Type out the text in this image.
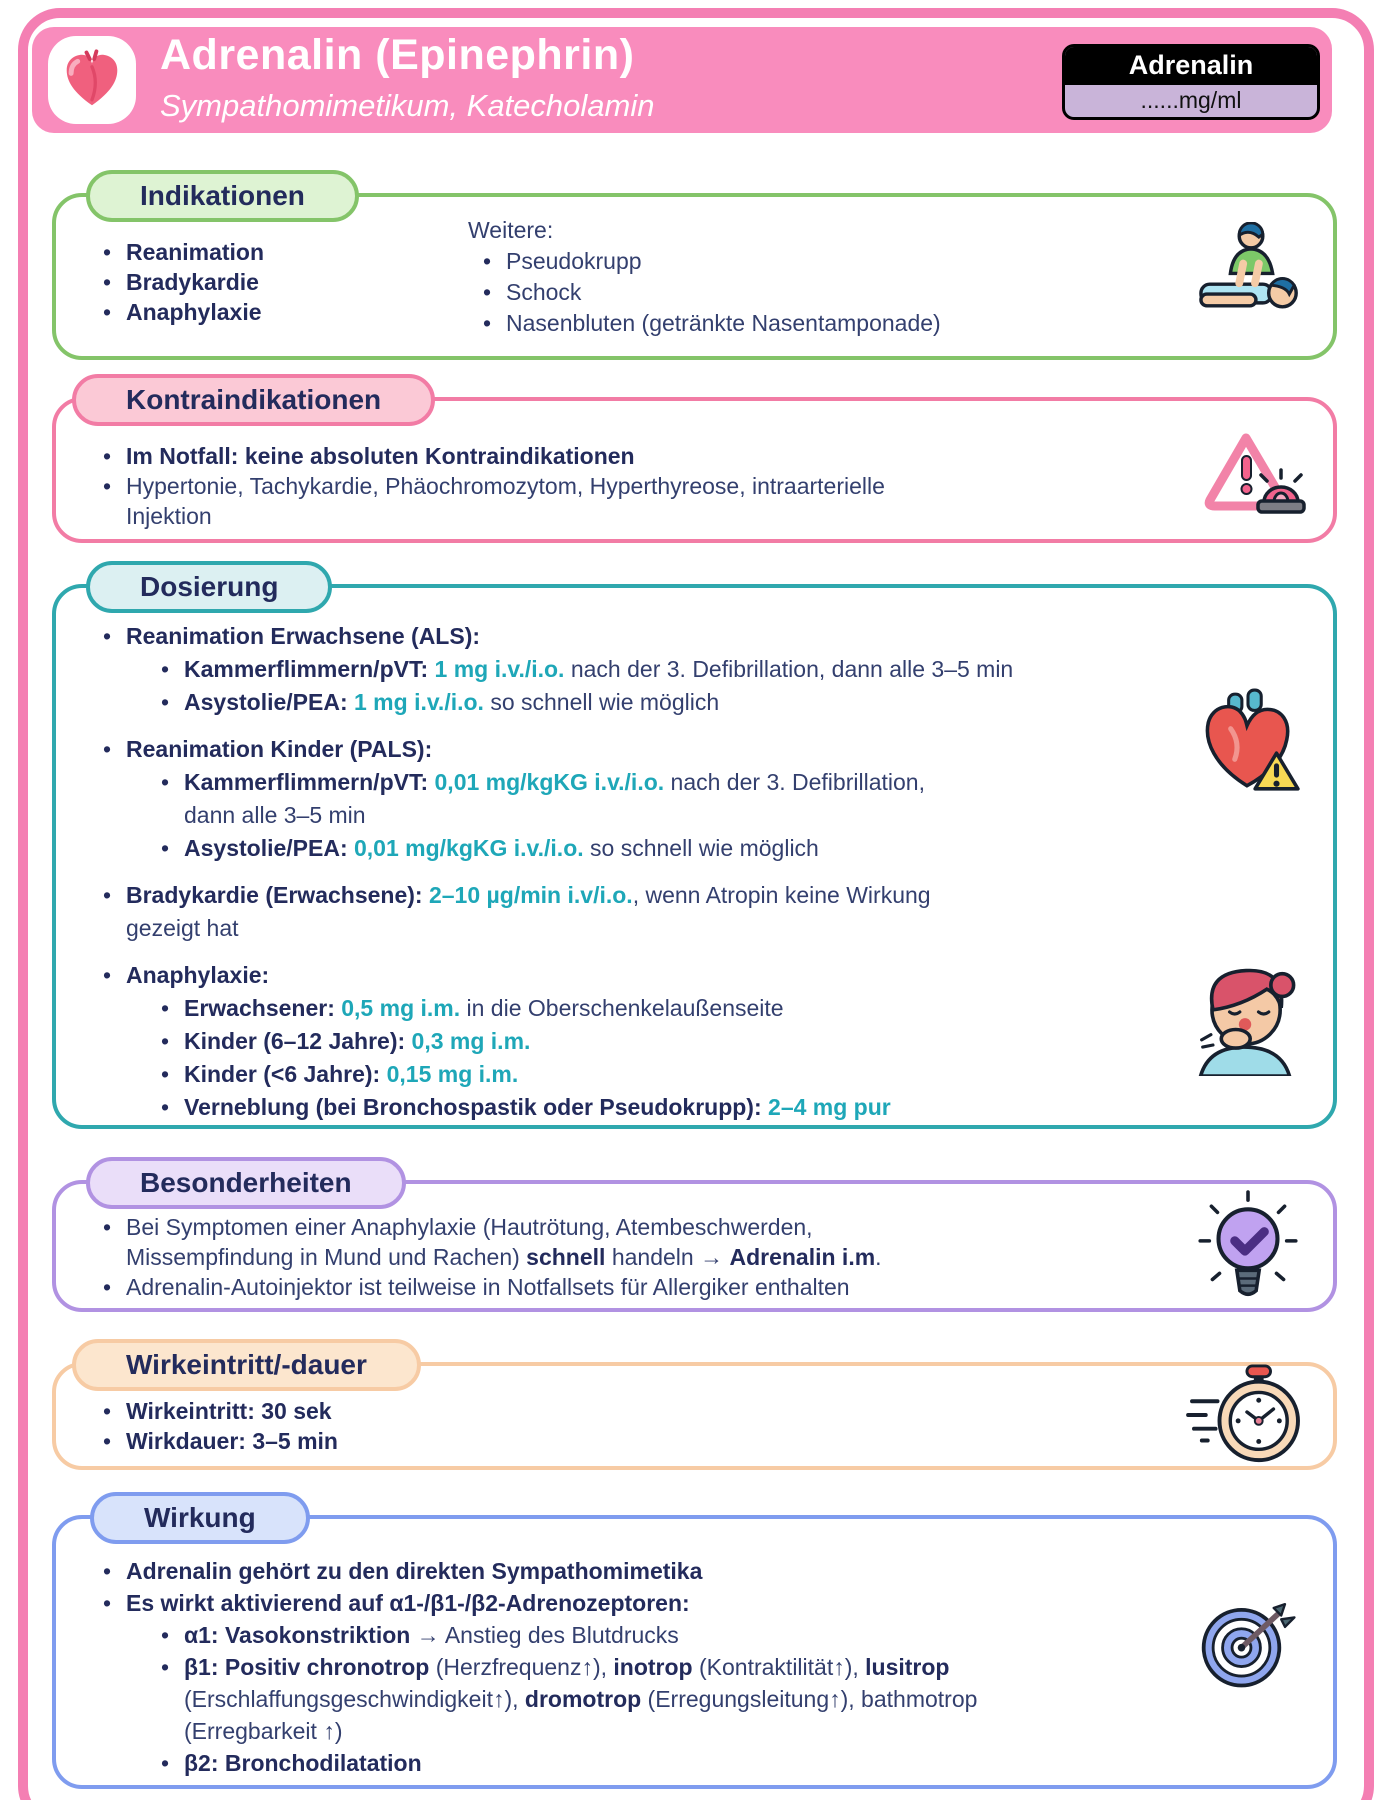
Adrenalin (Epinephrin)
Sympathomimetikum, Katecholamin
Adrenalin
......mg/ml
Indikationen
• Reanimation
• Bradykardie
• Anaphylaxie
Weitere:
• Pseudokrupp
• Schock
• Nasenbluten (getränkte Nasentamponade)
Kontraindikationen
• Im Notfall: keine absoluten Kontraindikationen
• Hypertonie, Tachykardie, Phäochromozytom, Hyperthyreose, intraarterielle
Injektion
Dosierung
• Reanimation Erwachsene (ALS):
• Kammerflimmern/pVT: 1 mg i.v./i.o. nach der 3. Defibrillation, dann alle 3–5 min
• Asystolie/PEA: 1 mg i.v./i.o. so schnell wie möglich
• Reanimation Kinder (PALS):
• Kammerflimmern/pVT: 0,01 mg/kgKG i.v./i.o. nach der 3. Defibrillation,
dann alle 3–5 min
• Asystolie/PEA: 0,01 mg/kgKG i.v./i.o. so schnell wie möglich
• Bradykardie (Erwachsene): 2–10 µg/min i.v/i.o., wenn Atropin keine Wirkung
gezeigt hat
• Anaphylaxie:
• Erwachsener: 0,5 mg i.m. in die Oberschenkelaußenseite
• Kinder (6–12 Jahre): 0,3 mg i.m.
• Kinder (<6 Jahre): 0,15 mg i.m.
• Verneblung (bei Bronchospastik oder Pseudokrupp): 2–4 mg pur
Besonderheiten
• Bei Symptomen einer Anaphylaxie (Hautrötung, Atembeschwerden,
Missempfindung in Mund und Rachen) schnell handeln → Adrenalin i.m.
• Adrenalin-Autoinjektor ist teilweise in Notfallsets für Allergiker enthalten
Wirkeintritt/-dauer
• Wirkeintritt: 30 sek
• Wirkdauer: 3–5 min
Wirkung
• Adrenalin gehört zu den direkten Sympathomimetika
• Es wirkt aktivierend auf α1-/β1-/β2-Adrenozeptoren:
• α1: Vasokonstriktion → Anstieg des Blutdrucks
• β1: Positiv chronotrop (Herzfrequenz↑), inotrop (Kontraktilität↑), lusitrop
(Erschlaffungsgeschwindigkeit↑), dromotrop (Erregungsleitung↑), bathmotrop
(Erregbarkeit ↑)
• β2: Bronchodilatation
